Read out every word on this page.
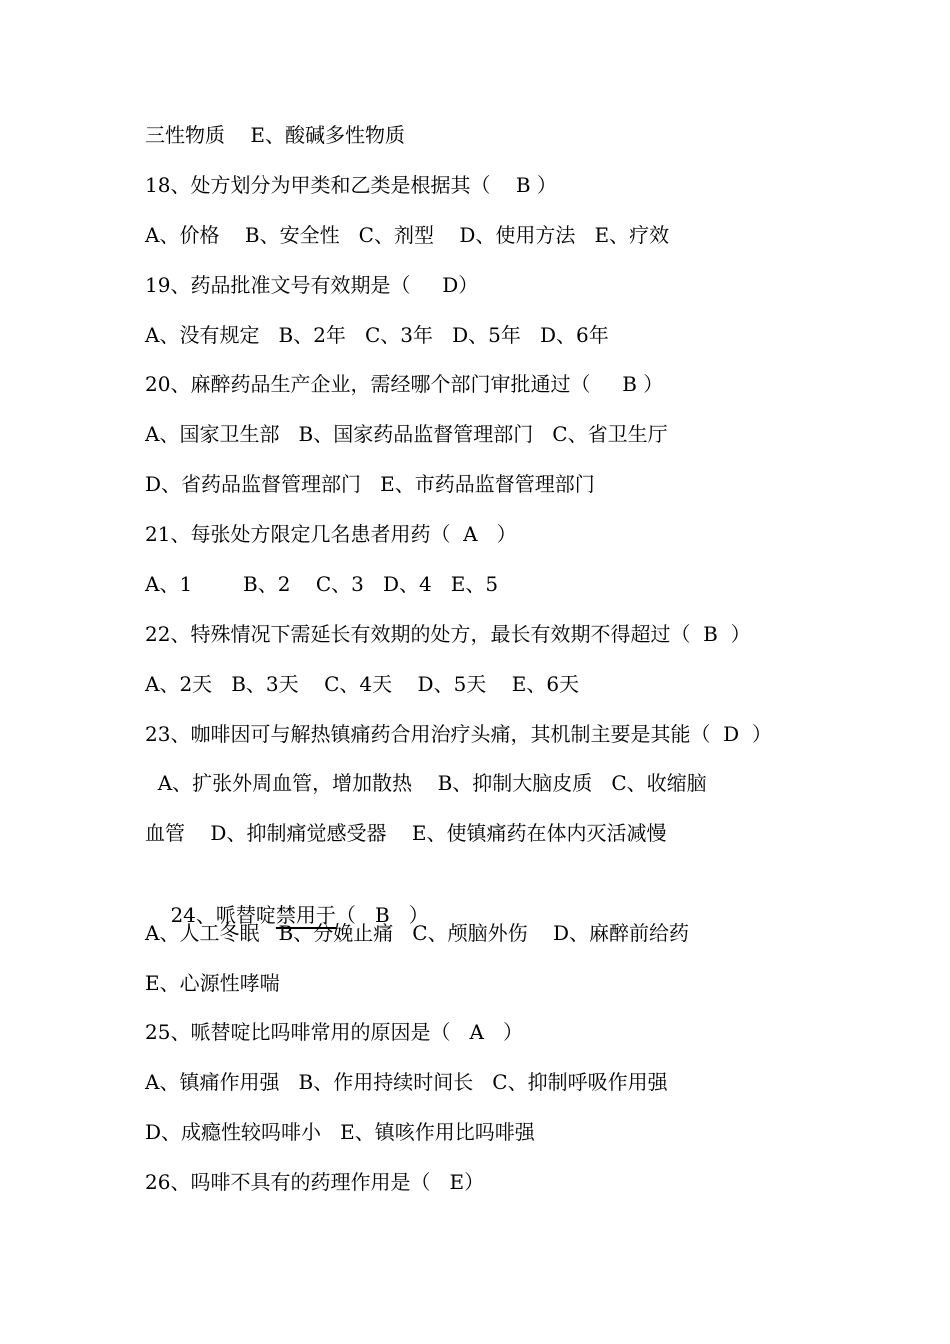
三性物质    E、酸碱多性物质
18、处方划分为甲类和乙类是根据其（    B ）
A、价格    B、安全性   C、剂型    D、使用方法   E、疗效
19、药品批准文号有效期是（     D）
A、没有规定   B、2年   C、3年   D、5年   D、6年
20、麻醉药品生产企业，需经哪个部门审批通过（     B ）
A、国家卫生部   B、国家药品监督管理部门   C、省卫生厅
D、省药品监督管理部门   E、市药品监督管理部门
21、每张处方限定几名患者用药（  A   ）
A、1        B、2    C、3   D、4   E、5
22、特殊情况下需延长有效期的处方，最长有效期不得超过（  B  ）
A、2天   B、3天    C、4天    D、5天    E、6天
23、咖啡因可与解热镇痛药合用治疗头痛，其机制主要是其能（  D  ）
A、扩张外周血管，增加散热    B、抑制大脑皮质   C、收缩脑
血管    D、抑制痛觉感受器    E、使镇痛药在体内灭活减慢

24、哌替啶禁用于（   B   ）

A、人工冬眠   B、分娩止痛   C、颅脑外伤    D、麻醉前给药
E、心源性哮喘
25、哌替啶比吗啡常用的原因是（   A   ）
A、镇痛作用强   B、作用持续时间长   C、抑制呼吸作用强
D、成瘾性较吗啡小   E、镇咳作用比吗啡强
26、吗啡不具有的药理作用是（   E）
